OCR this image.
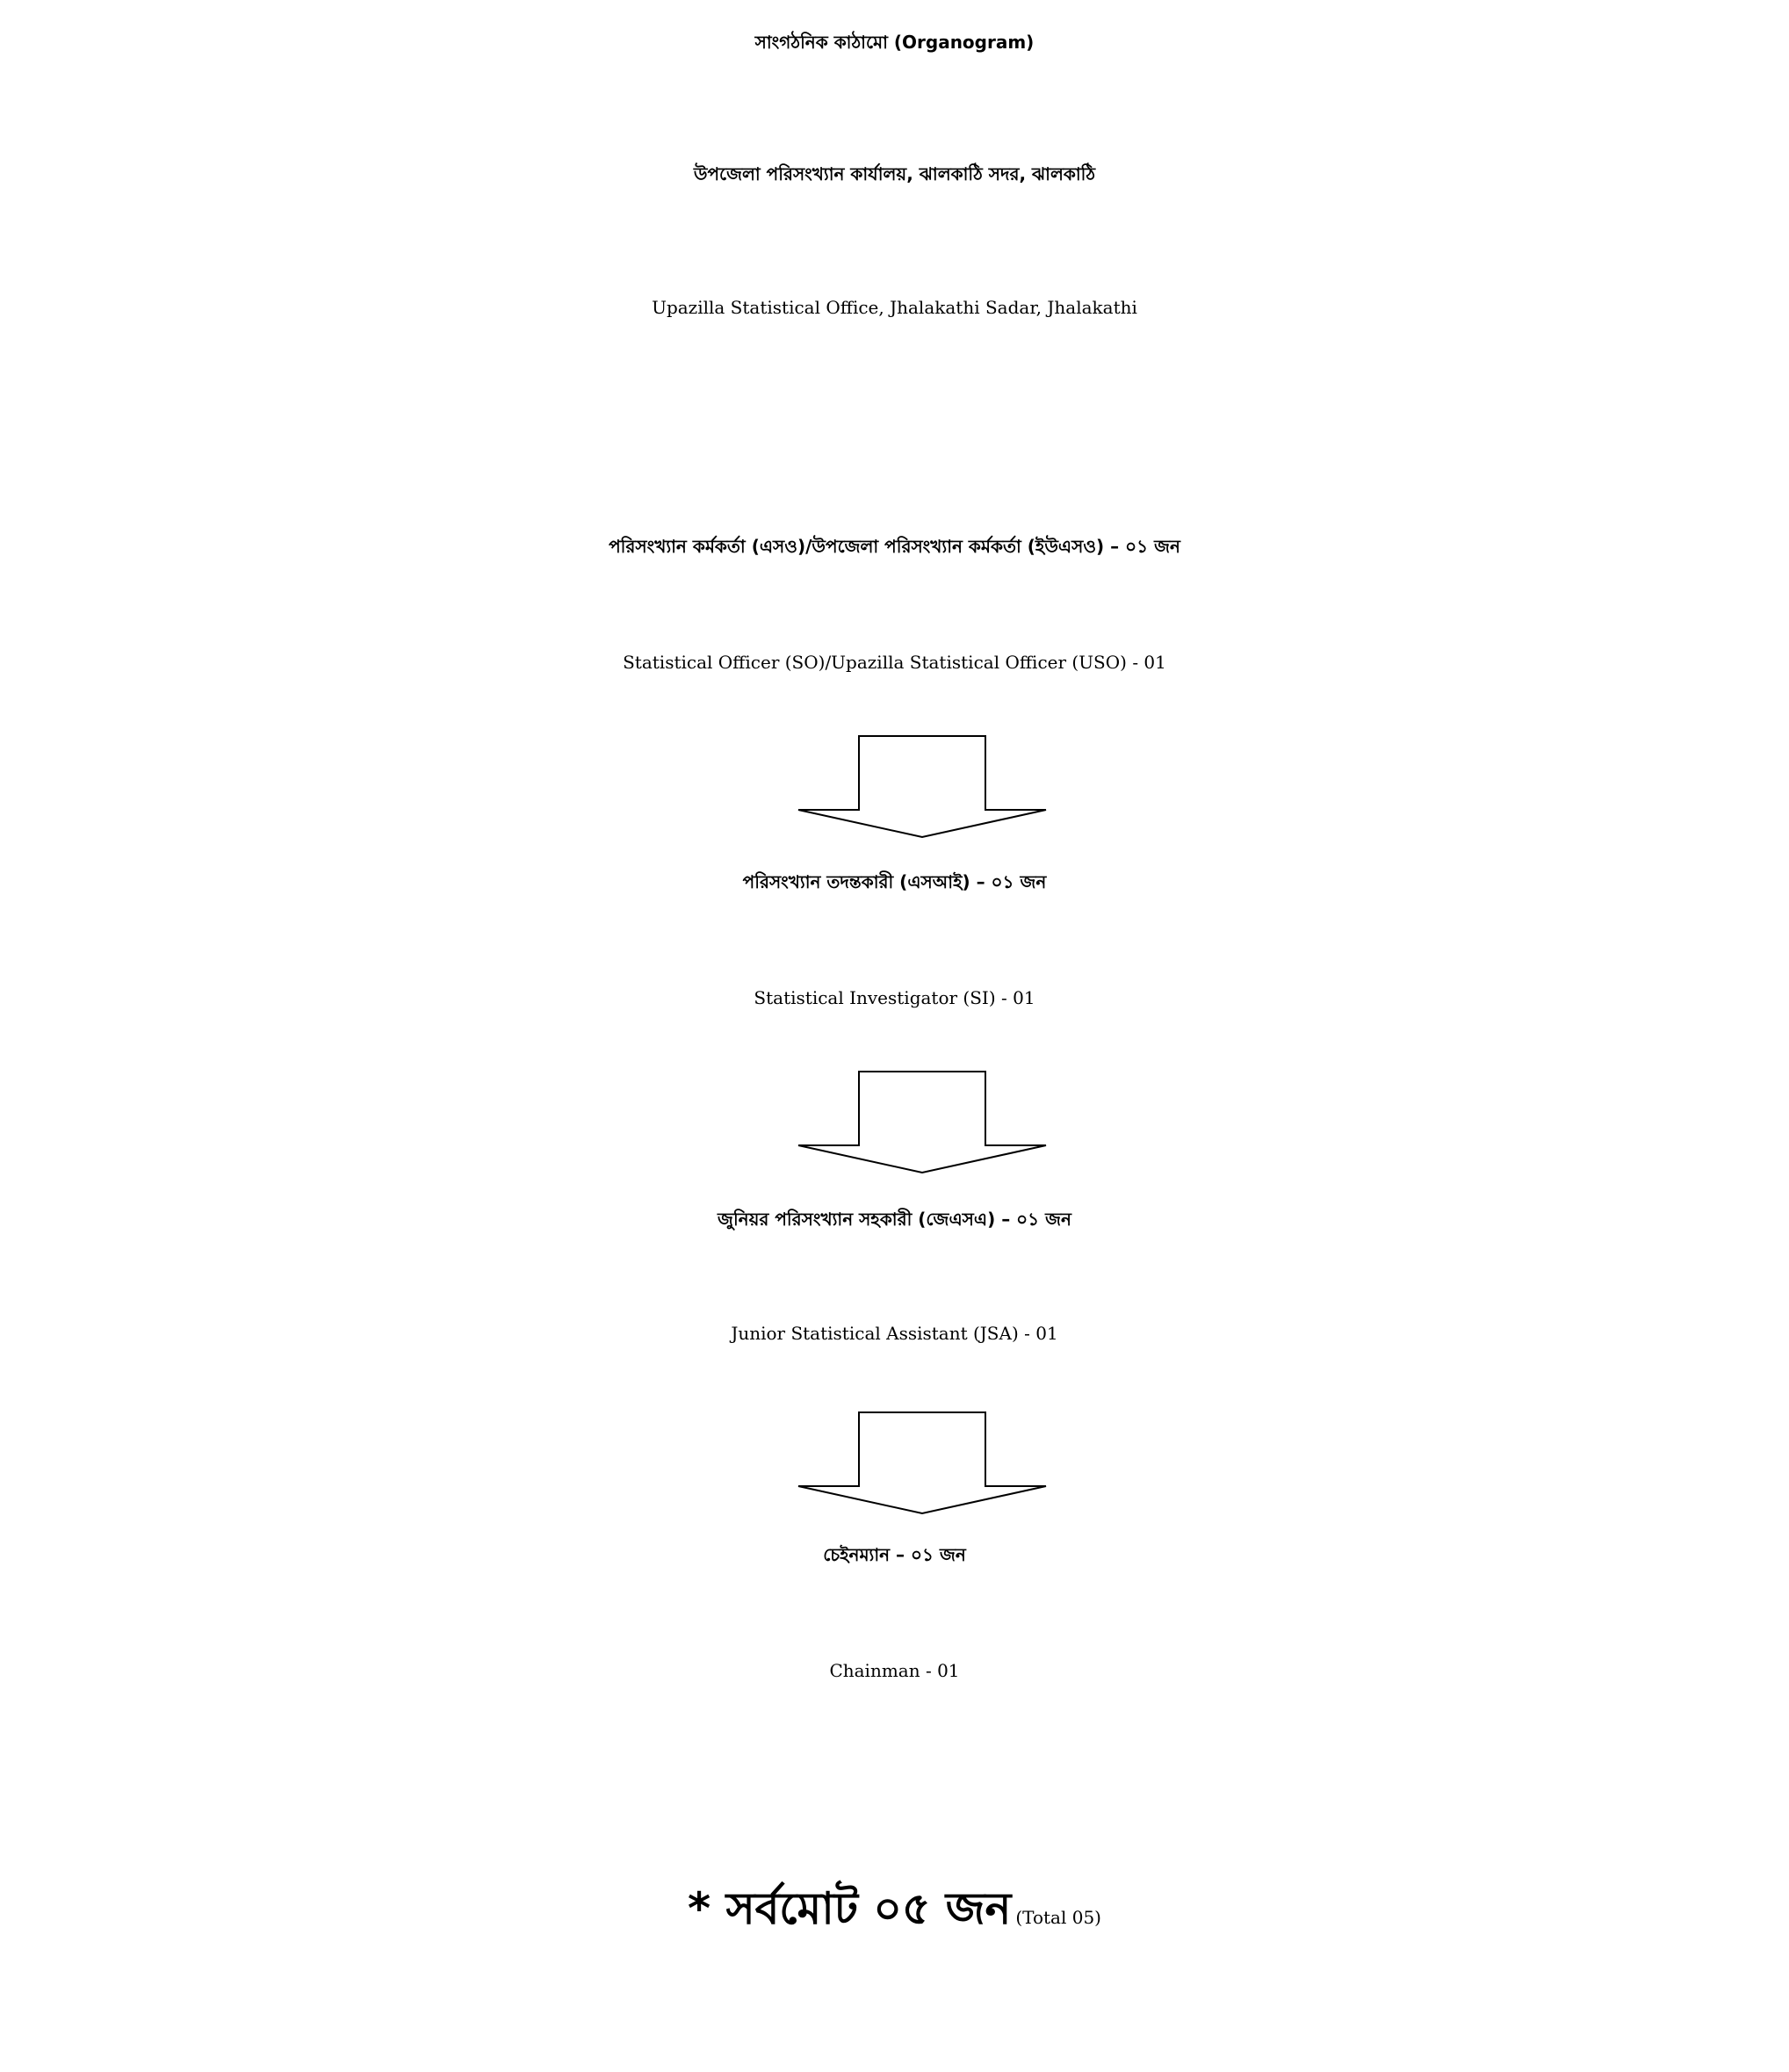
সাংগঠনিক কাঠামো (Organogram)
উপজেলা পরিসংখ্যান কার্যালয়, ঝালকাঠি সদর, ঝালকাঠি
Upazilla Statistical Office, Jhalakathi Sadar, Jhalakathi
পরিসংখ্যান কর্মকর্তা (এসও)/উপজেলা পরিসংখ্যান কর্মকর্তা (ইউএসও) – ০১ জন
Statistical Officer (SO)/Upazilla Statistical Officer (USO) - 01
পরিসংখ্যান তদন্তকারী (এসআই) – ০১ জন
Statistical Investigator (SI) - 01
জুনিয়র পরিসংখ্যান সহকারী (জেএসএ) – ০১ জন
Junior Statistical Assistant (JSA) - 01
চেইনম্যান – ০১ জন
Chainman - 01
* সর্বমোট ০৫ জন (Total 05)
